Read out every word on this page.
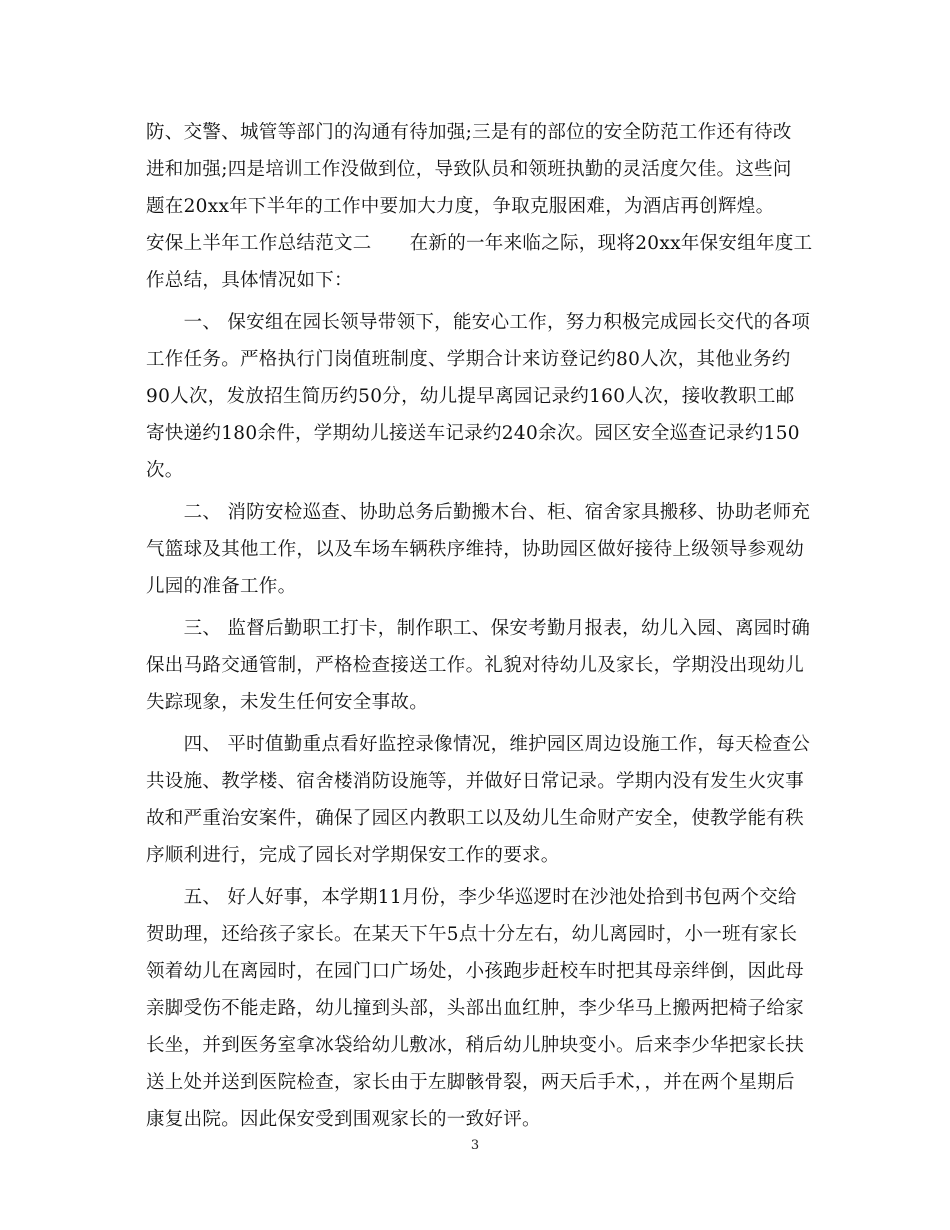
防、交警、城管等部门的沟通有待加强;三是有的部位的安全防范工作还有待改
进和加强;四是培训工作没做到位，导致队员和领班执勤的灵活度欠佳。这些问
题在20xx年下半年的工作中要加大力度，争取克服困难，为酒店再创辉煌。
安保上半年工作总结范文二 在新的一年来临之际，现将20xx年保安组年度工
作总结，具体情况如下：
　　一、 保安组在园长领导带领下，能安心工作，努力积极完成园长交代的各项
工作任务。严格执行门岗值班制度、学期合计来访登记约80人次，其他业务约
90人次，发放招生简历约50分，幼儿提早离园记录约160人次，接收教职工邮
寄快递约180余件，学期幼儿接送车记录约240余次。园区安全巡查记录约150
次。
　　二、 消防安检巡查、协助总务后勤搬木台、柜、宿舍家具搬移、协助老师充
气篮球及其他工作，以及车场车辆秩序维持，协助园区做好接待上级领导参观幼
儿园的准备工作。
　　三、 监督后勤职工打卡，制作职工、保安考勤月报表，幼儿入园、离园时确
保出马路交通管制，严格检查接送工作。礼貌对待幼儿及家长，学期没出现幼儿
失踪现象，未发生任何安全事故。
　　四、 平时值勤重点看好监控录像情况，维护园区周边设施工作，每天检查公
共设施、教学楼、宿舍楼消防设施等，并做好日常记录。学期内没有发生火灾事
故和严重治安案件，确保了园区内教职工以及幼儿生命财产安全，使教学能有秩
序顺利进行，完成了园长对学期保安工作的要求。
　　五、 好人好事，本学期11月份，李少华巡逻时在沙池处拾到书包两个交给
贺助理，还给孩子家长。在某天下午5点十分左右，幼儿离园时，小一班有家长
领着幼儿在离园时，在园门口广场处，小孩跑步赶校车时把其母亲绊倒，因此母
亲脚受伤不能走路，幼儿撞到头部，头部出血红肿，李少华马上搬两把椅子给家
长坐，并到医务室拿冰袋给幼儿敷冰，稍后幼儿肿块变小。后来李少华把家长扶
送上处并送到医院检查，家长由于左脚骸骨裂，两天后手术，，并在两个星期后
康复出院。因此保安受到围观家长的一致好评。
3
